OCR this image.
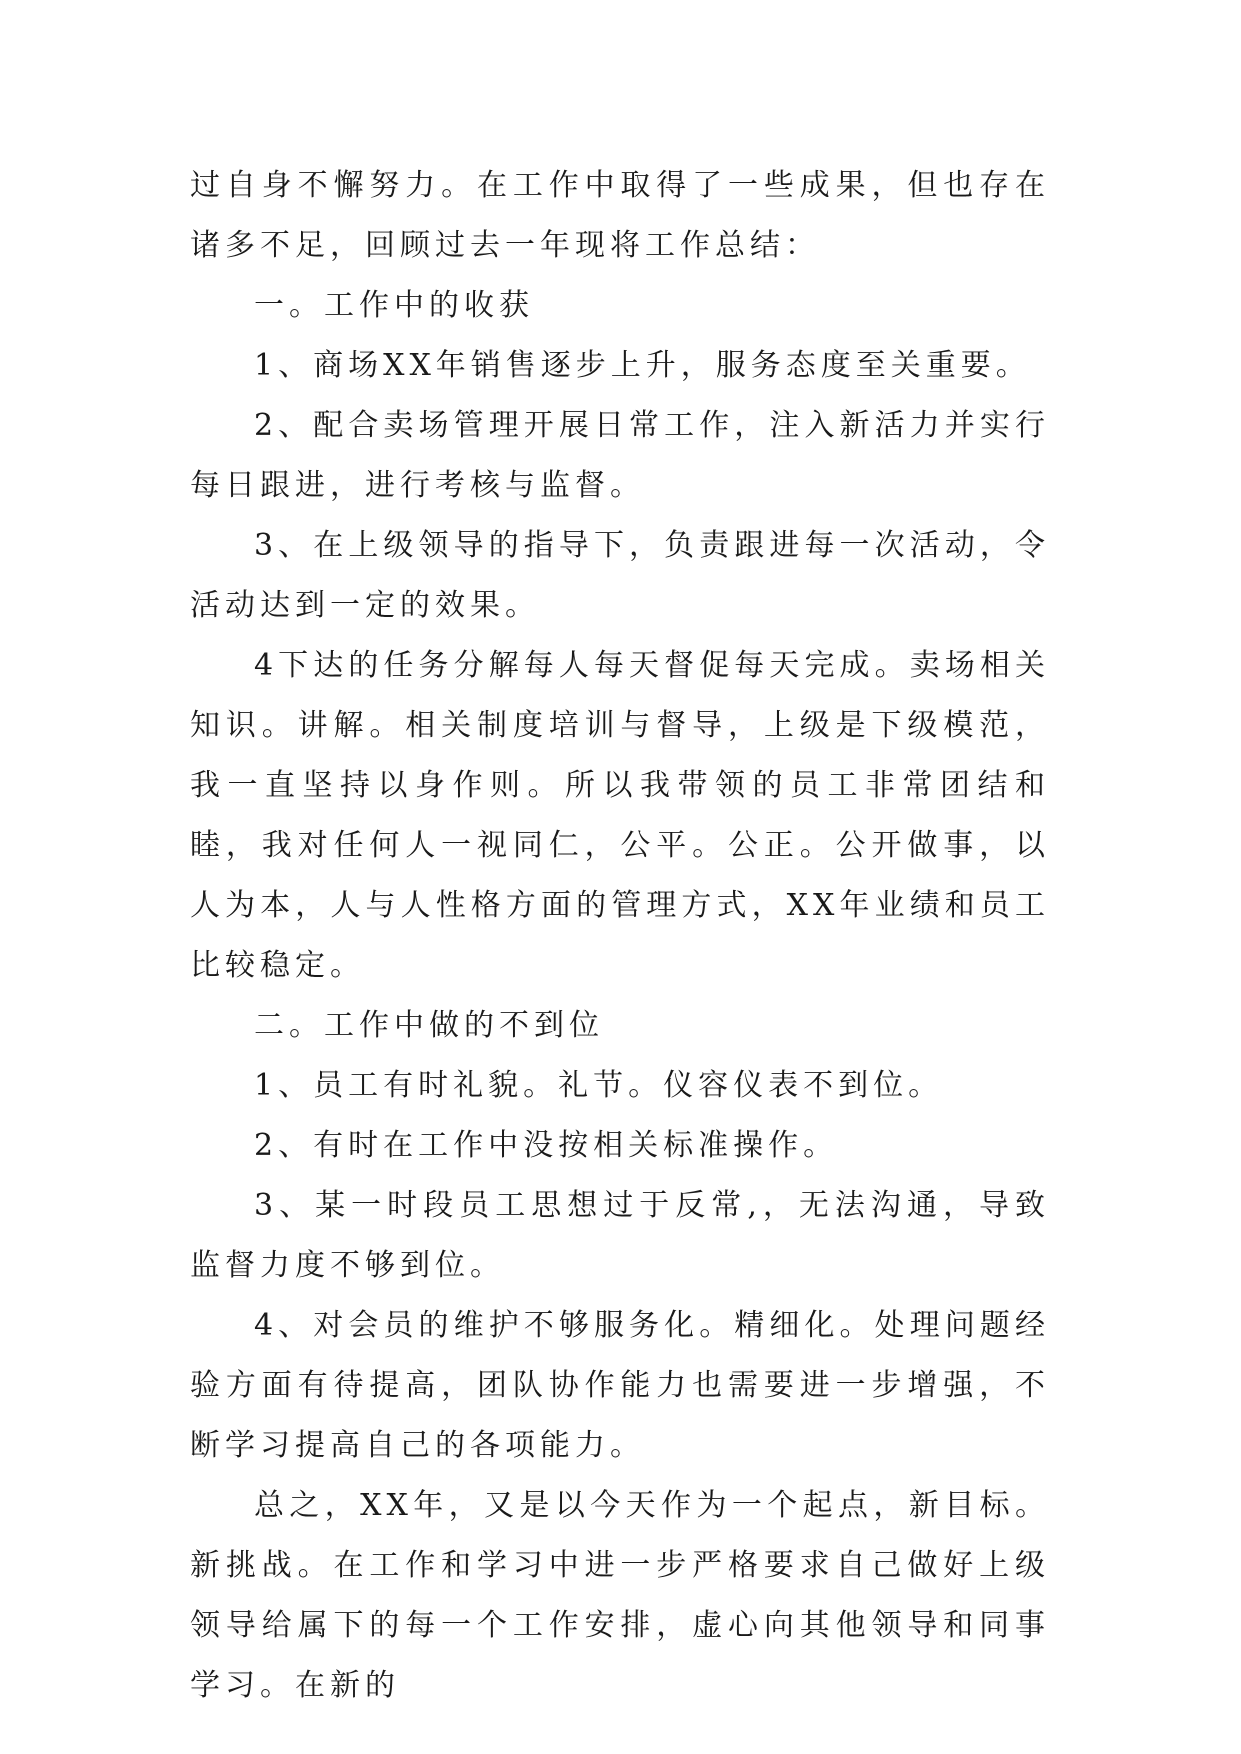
过自身不懈努力。在工作中取得了一些成果，但也存在诸多不足，回顾过去一年现将工作总结：

一。工作中的收获

1、商场XX年销售逐步上升，服务态度至关重要。

2、配合卖场管理开展日常工作，注入新活力并实行每日跟进，进行考核与监督。

3、在上级领导的指导下，负责跟进每一次活动，令活动达到一定的效果。

4下达的任务分解每人每天督促每天完成。卖场相关知识。讲解。相关制度培训与督导，上级是下级模范，我一直坚持以身作则。所以我带领的员工非常团结和睦，我对任何人一视同仁，公平。公正。公开做事，以人为本，人与人性格方面的管理方式，XX年业绩和员工比较稳定。

二。工作中做的不到位

1、员工有时礼貌。礼节。仪容仪表不到位。

2、有时在工作中没按相关标准操作。

3、某一时段员工思想过于反常,，无法沟通，导致监督力度不够到位。

4、对会员的维护不够服务化。精细化。处理问题经验方面有待提高，团队协作能力也需要进一步增强，不断学习提高自己的各项能力。

总之，XX年，又是以今天作为一个起点，新目标。新挑战。在工作和学习中进一步严格要求自己做好上级领导给属下的每一个工作安排，虚心向其他领导和同事学习。在新的
